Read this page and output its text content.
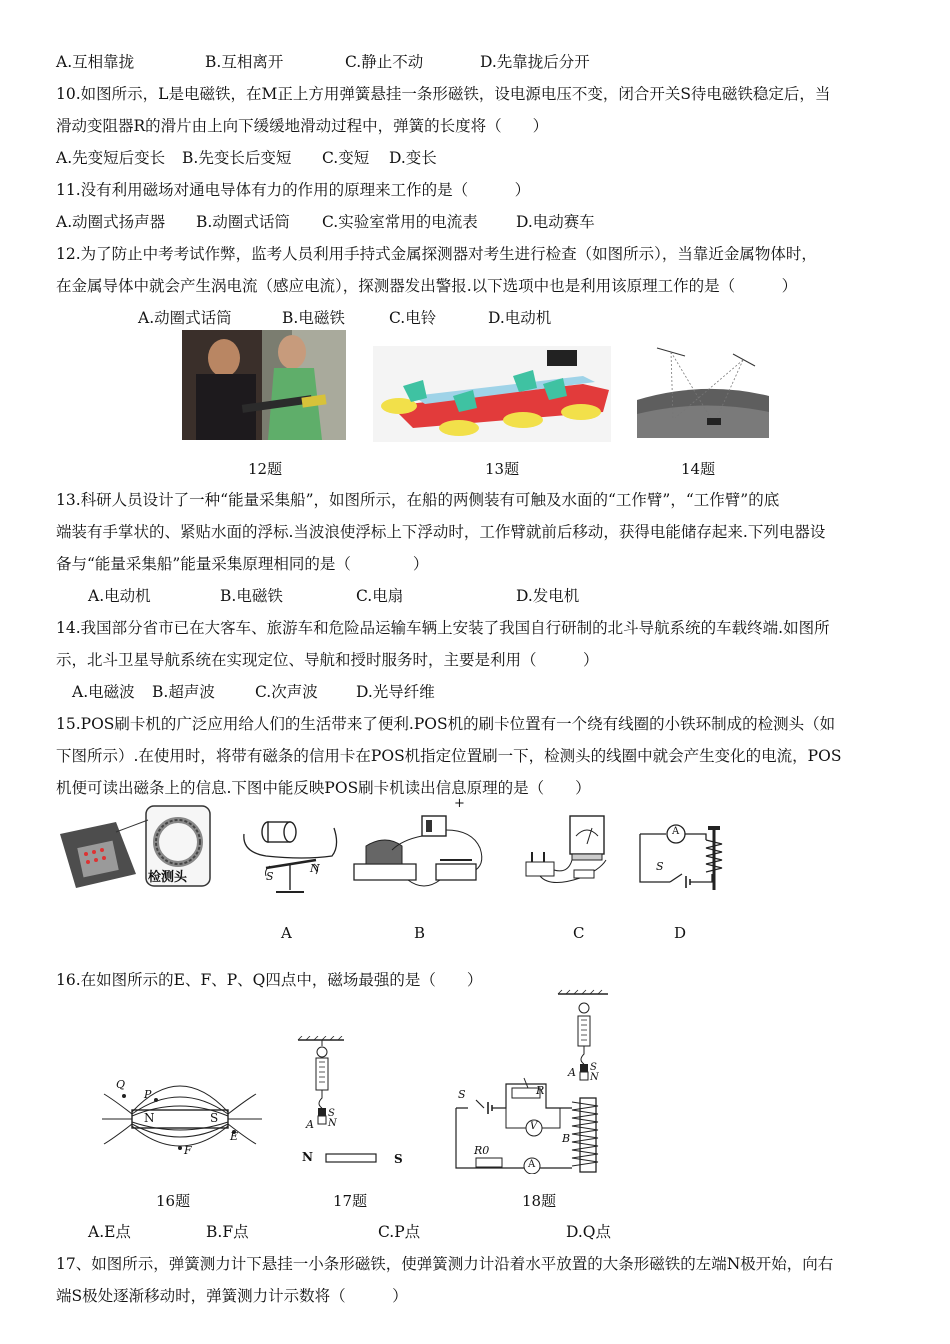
A.互相靠拢	B.互相离开	C.静止不动	D.先靠拢后分开
10.如图所示，L是电磁铁，在M正上方用弹簧悬挂一条形磁铁，设电源电压不变，闭合开关S待电磁铁稳定后，当
滑动变阻器R的滑片由上向下缓缓地滑动过程中，弹簧的长度将（　　）
A.先变短后变长 B.先变长后变短 C.变短 D.变长
11.没有利用磁场对通电导体有力的作用的原理来工作的是（　　　）
A.动圈式扬声器 B.动圈式话筒 C.实验室常用的电流表 D.电动赛车
12.为了防止中考考试作弊，监考人员利用手持式金属探测器对考生进行检查（如图所示），当靠近金属物体时，
在金属导体中就会产生涡电流（感应电流），探测器发出警报.以下选项中也是利用该原理工作的是（　　　）
A.动圈式话筒	B.电磁铁	C.电铃	D.电动机
12题	13题	14题
13.科研人员设计了一种“能量采集船”，如图所示，在船的两侧装有可触及水面的“工作臂”，“工作臂”的底
端装有手掌状的、紧贴水面的浮标.当波浪使浮标上下浮动时，工作臂就前后移动，获得电能储存起来.下列电器设
备与“能量采集船”能量采集原理相同的是（　　　　）
A.电动机	B.电磁铁	C.电扇	D.发电机
14.我国部分省市已在大客车、旅游车和危险品运输车辆上安装了我国自行研制的北斗导航系统的车载终端.如图所
示，北斗卫星导航系统在实现定位、导航和授时服务时，主要是利用（　　　）
A.电磁波 B.超声波	C.次声波 D.光导纤维
15.POS刷卡机的广泛应用给人们的生活带来了便利.POS机的刷卡位置有一个绕有线圈的小铁环制成的检测头（如
下图所示）.在使用时，将带有磁条的信用卡在POS机指定位置刷一下，检测头的线圈中就会产生变化的电流，POS
机便可读出磁条上的信息.下图中能反映POS刷卡机读出信息原理的是（　　）
检测头	S
N
+
A
S
A	B	C	D
16.在如图所示的E、F、P、Q四点中，磁场最强的是（　　）
Q
P
N	S
E
F
A
S
N
N	S
A S
N
S	R
V
B
R0
A
16题	17题	18题
A.E点	B.F点	C.P点	D.Q点
17、如图所示，弹簧测力计下悬挂一小条形磁铁，使弹簧测力计沿着水平放置的大条形磁铁的左端N极开始，向右
端S极处逐渐移动时，弹簧测力计示数将（　　　）
